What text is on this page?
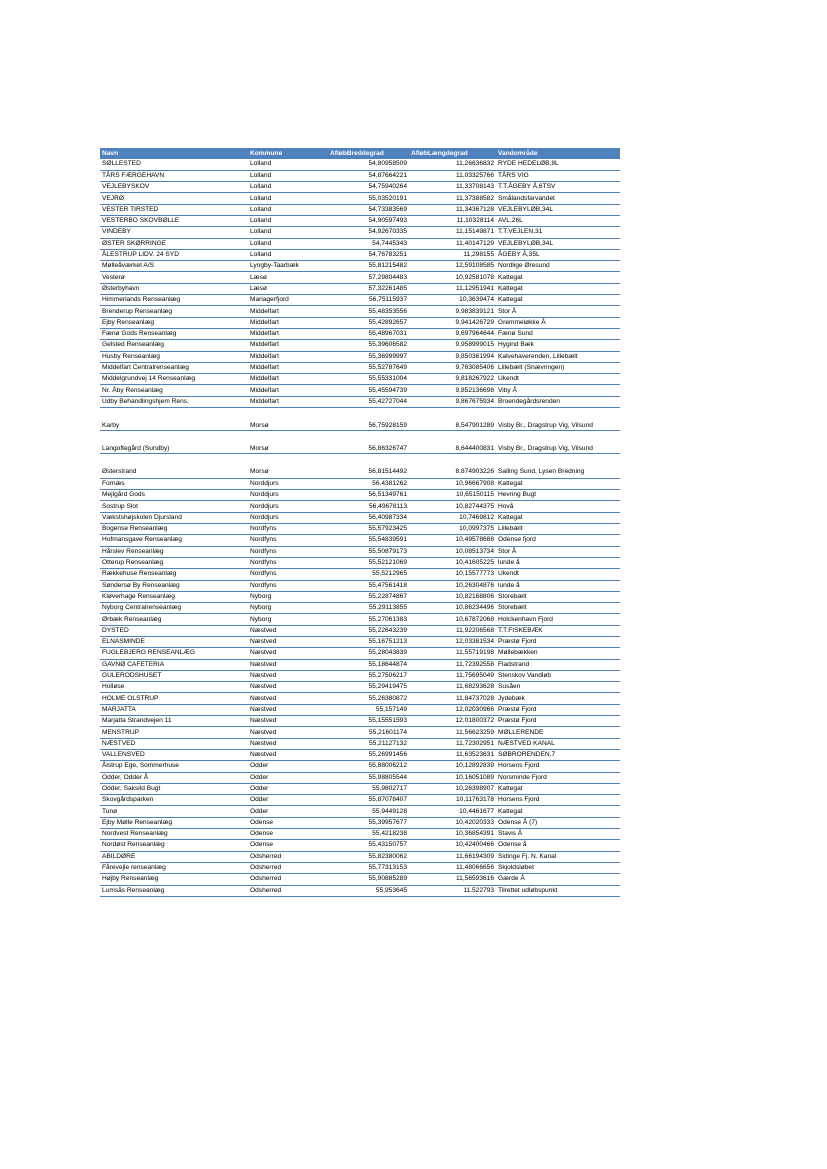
Navn	Kommune	AfløbBreddegrad	AfløbLængdegrad	Vandområde
SØLLESTED	Lolland	54,80958509	11,26636832	RYDE HEDELØB,8L
TÅRS FÆRGEHAVN	Lolland	54,87664221	11,03325766	TÅRS VIG
VEJLEBYSKOV	Lolland	54,75940264	11,33708143	T.T.ÅGEBY Å,6TSV
VEJRØ	Lolland	55,03520191	11,37388582	Smålandsfarvandet
VESTER TIRSTED	Lolland	54,73383569	11,34367128	VEJLEBYLØB,34L
VESTERBO SKOVBØLLE	Lolland	54,90597493	11,10328114	AVL,26L
VINDEBY	Lolland	54,92670335	11,15149871	T.T.VEJLEN,31
ØSTER SKØRRINGE	Lolland	54,7445343	11,40147129	VEJLEBYLØB,34L
ÅLESTRUP LIDV. 24 SYD	Lolland	54,76783251	11,298155	ÅGEBY Å,35L
Mølleåværket A/S	Lyngby-Taarbæk	55,81215482	12,59108585	Nordlige Øresund
Vesterø	Læsø	57,29804483	10,92581078	Kattegat
Østerbyhavn	Læsø	57,32261485	11,12951941	Kattegat
Himmerlands Renseanlæg	Mariagerfjord	56,75115937	10,3639474	Kattegat
Brenderup Renseanlæg	Middelfart	55,48353556	9,983839121	Stor Å
Ejby Renseanlæg	Middelfart	55,42892657	9,941426729	Gremmeløkke Å
Fænø Gods Renseanlæg	Middelfart	55,48967031	9,697964644	Fænø Sund
Gelsted Renseanlæg	Middelfart	55,39606582	9,958999015	Hygind Bæk
Husby Renseanlæg	Middelfart	55,36999997	9,850361994	Kalvehaverenden, Lillebælt
Middelfart Centralrenseanlæg	Middelfart	55,52787649	9,763085406	Lillebælt (Snævringen)
Middelgrundvej 14 Renseanlæg	Middelfart	55,55331004	9,818267922	Ukendt
Nr. Åby Renseanlæg	Middelfart	55,45594739	9,852136698	Viby Å
Udby Behandlingshjem Rens.	Middelfart	55,42727044	9,867675934	Broendegårdsrenden
Karby	Morsø	56,75928159	8,547901289	Visby Br., Dragstrup Vig, Vilsund
Langoftegård (Sundby)	Morsø	56,86326747	8,644400831	Visby Br., Dragstrup Vig, Vilsund

Østerstrand	Morsø	56,81514492	8,874903226	Salling Sund, Lysen Bredning
Fornæs	Norddjurs	56,4381262	10,96667908	Kattegat
Mejlgård Gods	Norddjurs	56,51349761	10,65150115	Hevring Bugt
Sostrup Slot	Norddjurs	56,49678113	10,82744375	Hovå
Vækstshøjskolen Djursland	Norddjurs	56,40987334	10,7469812	Kattegat
Bogense Renseanlæg	Nordfyns	55,57923425	10,0997375	Lillebælt
Hofmansgave Renseanlæg	Nordfyns	55,54839591	10,49578688	Odense fjord
Hårslev Renseanlæg	Nordfyns	55,50879173	10,08513734	Stor Å
Otterup Renseanlæg	Nordfyns	55,52121069	10,41605225	lunde å
Rækkehuse Renseanlæg	Nordfyns	55,5212965	10,15577773	Ukendt
Søndersø By Renseanlæg	Nordfyns	55,47561418	10,26304876	lunde å
Kløverhage Renseanlæg	Nyborg	55,22874867	10,82168806	Storebælt
Nyborg Centralrenseanlæg	Nyborg	55,29113855	10,86234496	Storebælt
Ørbæk Renseanlæg	Nyborg	55,27061383	10,67872068	Holckenhavn Fjord
DYSTED	Næstved	55,22643239	11,92206568	T.T.FISKEBÆK
ELNASMINDE	Næstved	55,16751213	12,03381534	Præstø Fjord
FUGLEBJERG RENSEANLÆG	Næstved	55,28043839	11,55719198	Møllebækken
GAVNØ CAFETERIA	Næstved	55,18644874	11,72392558	Fladstrand
GULERODSHUSET	Næstved	55,27506217	11,75695049	Stenskov Vandløb
Holløse	Næstved	55,29419475	11,68293628	Susåen
HOLME OLSTRUP	Næstved	55,26380872	11,84737028	Jydebæk
MARJATTA	Næstved	55,157149	12,02030966	Præstø Fjord
Marjatta Strandvejen 11	Næstved	55,15551593	12,01800372	Præstø Fjord
MENSTRUP	Næstved	55,21601174	11,56623259	MØLLERENDE
NÆSTVED	Næstved	55,21127132	11,72302951	NÆSTVED KANAL
VALLENSVED	Næstved	55,26991456	11,63523631	SØBRORENDEN,7
Ålstrup Ege, Sommerhuse	Odder	55,88006212	10,12892839	Horsens Fjord
Odder, Odder Å	Odder	55,98805544	10,16051089	Norsminde Fjord
Odder, Saksild Bugt	Odder	55,9802717	10,26398907	Kattegat
Skovgårdsparken	Odder	55,87078407	10,11763178	Horsens Fjord
Tunø	Odder	55,9449128	10,4461677	Kattegat
Ejby Mølle Renseanlæg	Odense	55,39957677	10,42020333	Odense Å (7)
Nordvest Renseanlæg	Odense	55,4218238	10,36854391	Stavis Å
Nordøst Renseanlæg	Odense	55,43150757	10,42400466	Odense å
ABILDØRE	Odsherred	55,82380062	11,66194309	Sidinge Fj. N. Kanal
Fårevejle renseanlæg	Odsherred	55,77313153	11,48066656	Skjoldsløbet
Højby Renseanlæg	Odsherred	55,90885289	11,56593616	Gærde Å
Lumsås Renseanlæg	Odsherred	55,953645	11,522793	Tilrettet udløbspunkt
